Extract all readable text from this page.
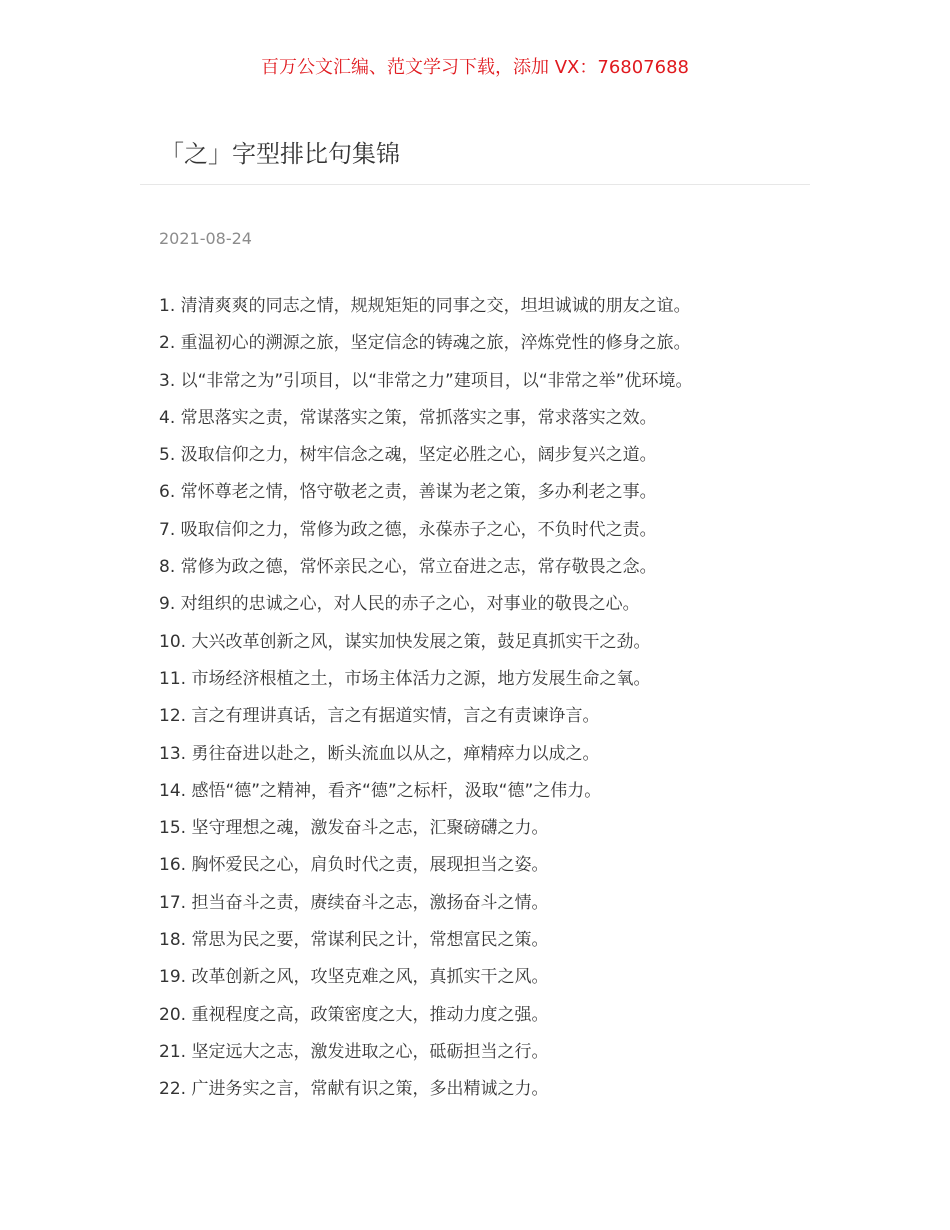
百万公文汇编、范文学习下载，添加 VX：76807688
「之」字型排比句集锦
2021-08-24
1. 清清爽爽的同志之情，规规矩矩的同事之交，坦坦诚诚的朋友之谊。
2. 重温初心的溯源之旅，坚定信念的铸魂之旅，淬炼党性的修身之旅。
3. 以“非常之为”引项目，以“非常之力”建项目，以“非常之举”优环境。
4. 常思落实之责，常谋落实之策，常抓落实之事，常求落实之效。
5. 汲取信仰之力，树牢信念之魂，坚定必胜之心，阔步复兴之道。
6. 常怀尊老之情，恪守敬老之责，善谋为老之策，多办利老之事。
7. 吸取信仰之力，常修为政之德，永葆赤子之心，不负时代之责。
8. 常修为政之德，常怀亲民之心，常立奋进之志，常存敬畏之念。
9. 对组织的忠诚之心，对人民的赤子之心，对事业的敬畏之心。
10. 大兴改革创新之风，谋实加快发展之策，鼓足真抓实干之劲。
11. 市场经济根植之土，市场主体活力之源，地方发展生命之氧。
12. 言之有理讲真话，言之有据道实情，言之有责谏诤言。
13. 勇往奋进以赴之，断头流血以从之，瘅精瘁力以成之。
14. 感悟“德”之精神，看齐“德”之标杆，汲取“德”之伟力。
15. 坚守理想之魂，激发奋斗之志，汇聚磅礴之力。
16. 胸怀爱民之心，肩负时代之责，展现担当之姿。
17. 担当奋斗之责，赓续奋斗之志，激扬奋斗之情。
18. 常思为民之要，常谋利民之计，常想富民之策。
19. 改革创新之风，攻坚克难之风，真抓实干之风。
20. 重视程度之高，政策密度之大，推动力度之强。
21. 坚定远大之志，激发进取之心，砥砺担当之行。
22. 广进务实之言，常献有识之策，多出精诚之力。
